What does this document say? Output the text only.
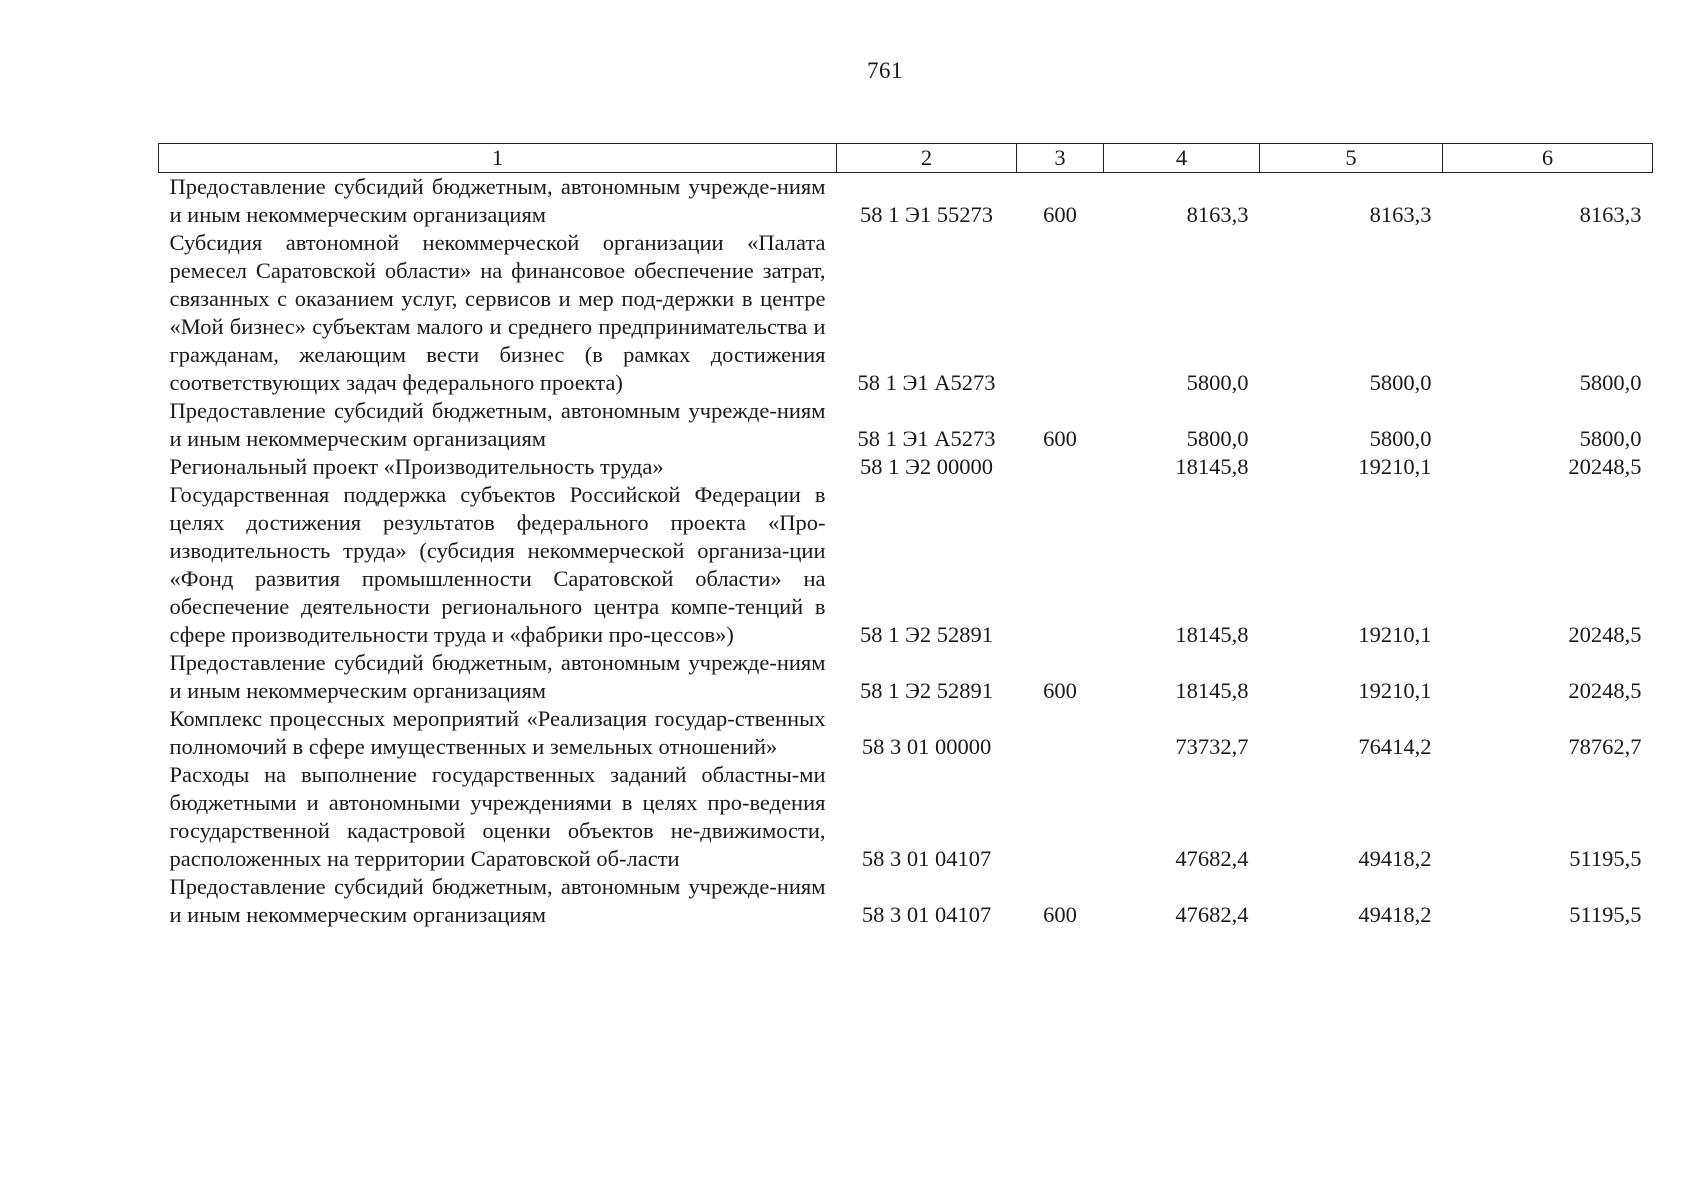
761
1	2	3	4	5	6
Предоставление субсидий бюджетным, автономным учрежде-ниям и иным некоммерческим организациям	58 1 Э1 55273	600	8163,3	8163,3	8163,3
Субсидия автономной некоммерческой организации «Палата ремесел Саратовской области» на финансовое обеспечение затрат, связанных с оказанием услуг, сервисов и мер под-держки в центре «Мой бизнес» субъектам малого и среднего предпринимательства и гражданам, желающим вести бизнес (в рамках достижения соответствующих задач федерального проекта)	58 1 Э1 А5273		5800,0	5800,0	5800,0
Предоставление субсидий бюджетным, автономным учрежде-ниям и иным некоммерческим организациям	58 1 Э1 А5273	600	5800,0	5800,0	5800,0
Региональный проект «Производительность труда»	58 1 Э2 00000		18145,8	19210,1	20248,5
Государственная поддержка субъектов Российской Федерации в целях достижения результатов федерального проекта «Про-изводительность труда» (субсидия некоммерческой организа-ции «Фонд развития промышленности Саратовской области» на обеспечение деятельности регионального центра компе-тенций в сфере производительности труда и «фабрики про-цессов»)	58 1 Э2 52891		18145,8	19210,1	20248,5
Предоставление субсидий бюджетным, автономным учрежде-ниям и иным некоммерческим организациям	58 1 Э2 52891	600	18145,8	19210,1	20248,5
Комплекс процессных мероприятий «Реализация государ-ственных полномочий в сфере имущественных и земельных отношений»	58 3 01 00000		73732,7	76414,2	78762,7
Расходы на выполнение государственных заданий областны-ми бюджетными и автономными учреждениями в целях про-ведения государственной кадастровой оценки объектов не-движимости, расположенных на территории Саратовской об-ласти	58 3 01 04107		47682,4	49418,2	51195,5
Предоставление субсидий бюджетным, автономным учрежде-ниям и иным некоммерческим организациям	58 3 01 04107	600	47682,4	49418,2	51195,5
